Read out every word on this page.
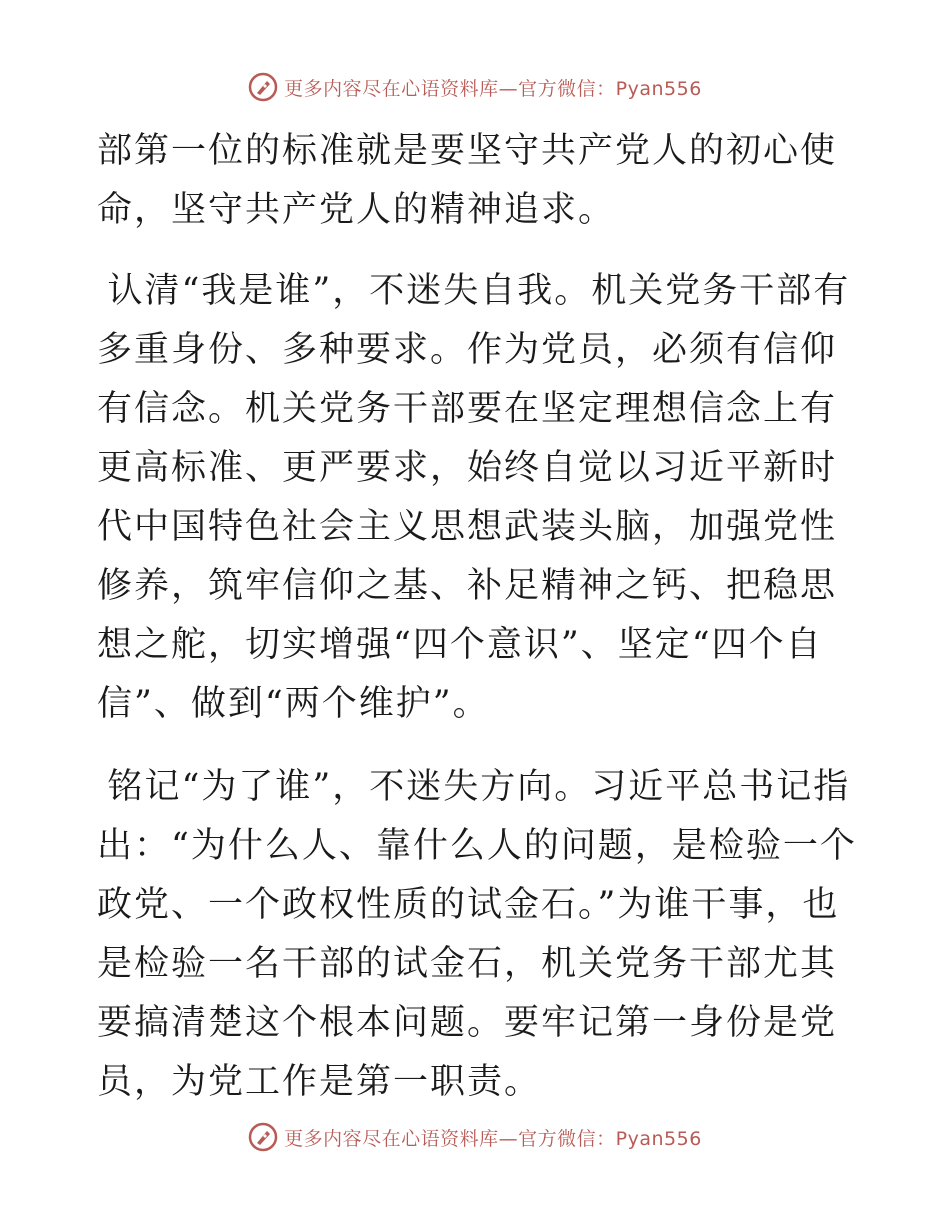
更多内容尽在心语资料库—官方微信：Pyan556

部第一位的标准就是要坚守共产党人的初心使命，坚守共产党人的精神追求。

认清“我是谁”，不迷失自我。机关党务干部有多重身份、多种要求。作为党员，必须有信仰有信念。机关党务干部要在坚定理想信念上有更高标准、更严要求，始终自觉以习近平新时代中国特色社会主义思想武装头脑，加强党性修养，筑牢信仰之基、补足精神之钙、把稳思想之舵，切实增强“四个意识”、坚定“四个自信”、做到“两个维护”。

铭记“为了谁”，不迷失方向。习近平总书记指出：“为什么人、靠什么人的问题，是检验一个政党、一个政权性质的试金石。”为谁干事，也是检验一名干部的试金石，机关党务干部尤其要搞清楚这个根本问题。要牢记第一身份是党员，为党工作是第一职责。

更多内容尽在心语资料库—官方微信：Pyan556
